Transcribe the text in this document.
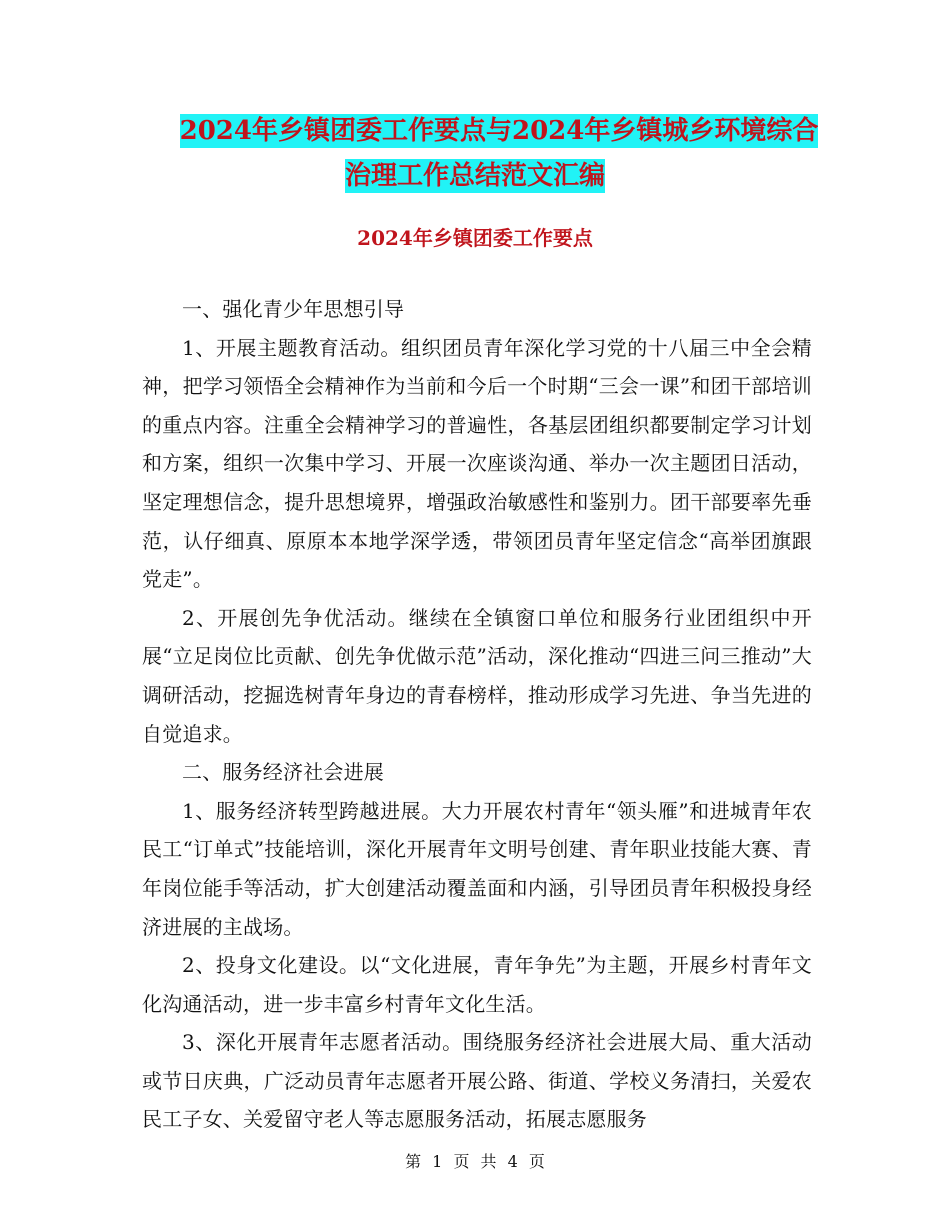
2024年乡镇团委工作要点与2024年乡镇城乡环境综合
治理工作总结范文汇编
2024年乡镇团委工作要点

一、强化青少年思想引导

1、开展主题教育活动。组织团员青年深化学习党的十八届三中全会精神，把学习领悟全会精神作为当前和今后一个时期“三会一课”和团干部培训的重点内容。注重全会精神学习的普遍性，各基层团组织都要制定学习计划和方案，组织一次集中学习、开展一次座谈沟通、举办一次主题团日活动，坚定理想信念，提升思想境界，增强政治敏感性和鉴别力。团干部要率先垂范，认仔细真、原原本本地学深学透，带领团员青年坚定信念“高举团旗跟党走”。

2、开展创先争优活动。继续在全镇窗口单位和服务行业团组织中开展“立足岗位比贡献、创先争优做示范”活动，深化推动“四进三问三推动”大调研活动，挖掘选树青年身边的青春榜样，推动形成学习先进、争当先进的自觉追求。

二、服务经济社会进展

1、服务经济转型跨越进展。大力开展农村青年“领头雁”和进城青年农民工“订单式”技能培训，深化开展青年文明号创建、青年职业技能大赛、青年岗位能手等活动，扩大创建活动覆盖面和内涵，引导团员青年积极投身经济进展的主战场。

2、投身文化建设。以“文化进展，青年争先”为主题，开展乡村青年文化沟通活动，进一步丰富乡村青年文化生活。

3、深化开展青年志愿者活动。围绕服务经济社会进展大局、重大活动或节日庆典，广泛动员青年志愿者开展公路、街道、学校义务清扫，关爱农民工子女、关爱留守老人等志愿服务活动，拓展志愿服务

第 1 页 共 4 页
